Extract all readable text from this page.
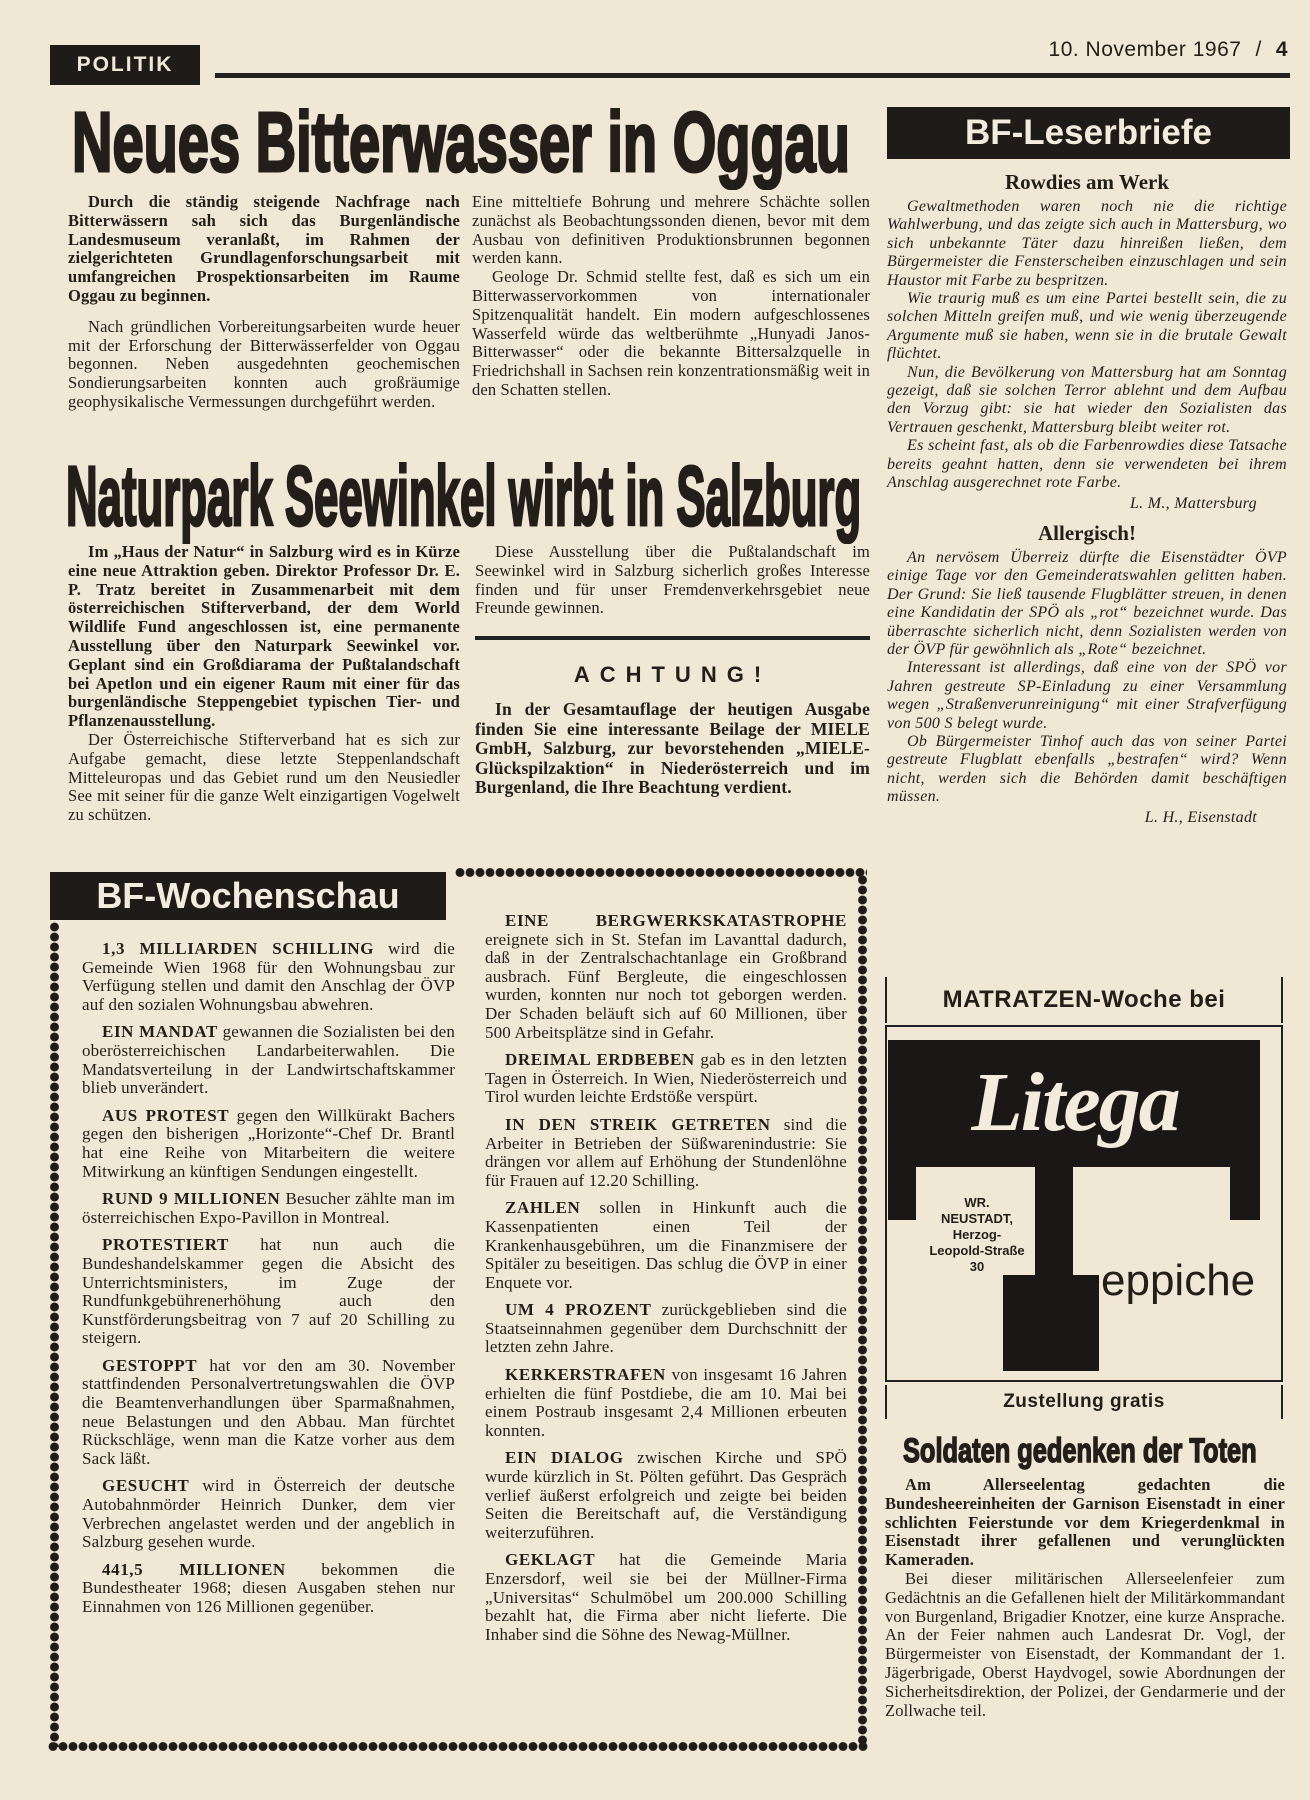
POLITIK
10. November 1967 / 4
Neues Bitterwasser in Oggau

Durch die ständig steigende Nachfrage nach Bitterwässern sah sich das Burgenländische Landesmuseum veranlaßt, im Rahmen der zielgerichteten Grundlagenforschungsarbeit mit umfangreichen Prospektionsarbeiten im Raume Oggau zu beginnen.

Nach gründlichen Vorbereitungsarbeiten wurde heuer mit der Erforschung der Bitterwässerfelder von Oggau begonnen. Neben ausgedehnten geochemischen Sondierungsarbeiten konnten auch großräumige geophysikalische Vermessungen durchgeführt werden.

Eine mitteltiefe Bohrung und mehrere Schächte sollen zunächst als Beobachtungssonden dienen, bevor mit dem Ausbau von definitiven Produktionsbrunnen begonnen werden kann.

Geologe Dr. Schmid stellte fest, daß es sich um ein Bitterwasservorkommen von internationaler Spitzenqualität handelt. Ein modern aufgeschlossenes Wasserfeld würde das weltberühmte „Hunyadi Janos-Bitterwasser“ oder die bekannte Bittersalzquelle in Friedrichshall in Sachsen rein konzentrationsmäßig weit in den Schatten stellen.

Naturpark Seewinkel wirbt in Salzburg

Im „Haus der Natur“ in Salzburg wird es in Kürze eine neue Attraktion geben. Direktor Professor Dr. E. P. Tratz bereitet in Zusammenarbeit mit dem österreichischen Stifterverband, der dem World Wildlife Fund angeschlossen ist, eine permanente Ausstellung über den Naturpark Seewinkel vor. Geplant sind ein Großdiarama der Pußtalandschaft bei Apetlon und ein eigener Raum mit einer für das burgenländische Steppengebiet typischen Tier- und Pflanzenausstellung.

Der Österreichische Stifterverband hat es sich zur Aufgabe gemacht, diese letzte Steppenlandschaft Mitteleuropas und das Gebiet rund um den Neusiedler See mit seiner für die ganze Welt einzigartigen Vogelwelt zu schützen.

Diese Ausstellung über die Pußtalandschaft im Seewinkel wird in Salzburg sicherlich großes Interesse finden und für unser Fremdenverkehrsgebiet neue Freunde gewinnen.

ACHTUNG!

In der Gesamtauflage der heutigen Ausgabe finden Sie eine interessante Beilage der MIELE GmbH, Salzburg, zur bevorstehenden „MIELE-Glückspilzaktion“ in Niederösterreich und im Burgenland, die Ihre Beachtung verdient.

BF-Wochenschau

1,3 MILLIARDEN SCHILLING wird die Gemeinde Wien 1968 für den Wohnungsbau zur Verfügung stellen und damit den Anschlag der ÖVP auf den sozialen Wohnungsbau abwehren.

EIN MANDAT gewannen die Sozialisten bei den oberösterreichischen Landarbeiterwahlen. Die Mandatsverteilung in der Landwirtschaftskammer blieb unverändert.

AUS PROTEST gegen den Willkürakt Bachers gegen den bisherigen „Horizonte“-Chef Dr. Brantl hat eine Reihe von Mitarbeitern die weitere Mitwirkung an künftigen Sendungen eingestellt.

RUND 9 MILLIONEN Besucher zählte man im österreichischen Expo-Pavillon in Montreal.

PROTESTIERT hat nun auch die Bundeshandelskammer gegen die Absicht des Unterrichtsministers, im Zuge der Rundfunkgebührenerhöhung auch den Kunstförderungsbeitrag von 7 auf 20 Schilling zu steigern.

GESTOPPT hat vor den am 30. November stattfindenden Personalvertretungswahlen die ÖVP die Beamtenverhandlungen über Sparmaßnahmen, neue Belastungen und den Abbau. Man fürchtet Rückschläge, wenn man die Katze vorher aus dem Sack läßt.

GESUCHT wird in Österreich der deutsche Autobahnmörder Heinrich Dunker, dem vier Verbrechen angelastet werden und der angeblich in Salzburg gesehen wurde.

441,5 MILLIONEN bekommen die Bundestheater 1968; diesen Ausgaben stehen nur Einnahmen von 126 Millionen gegenüber.

EINE BERGWERKSKATASTROPHE ereignete sich in St. Stefan im Lavanttal dadurch, daß in der Zentralschachtanlage ein Großbrand ausbrach. Fünf Bergleute, die eingeschlossen wurden, konnten nur noch tot geborgen werden. Der Schaden beläuft sich auf 60 Millionen, über 500 Arbeitsplätze sind in Gefahr.

DREIMAL ERDBEBEN gab es in den letzten Tagen in Österreich. In Wien, Niederösterreich und Tirol wurden leichte Erdstöße verspürt.

IN DEN STREIK GETRETEN sind die Arbeiter in Betrieben der Süßwarenindustrie: Sie drängen vor allem auf Erhöhung der Stundenlöhne für Frauen auf 12.20 Schilling.

ZAHLEN sollen in Hinkunft auch die Kassenpatienten einen Teil der Krankenhausgebühren, um die Finanzmisere der Spitäler zu beseitigen. Das schlug die ÖVP in einer Enquete vor.

UM 4 PROZENT zurückgeblieben sind die Staatseinnahmen gegenüber dem Durchschnitt der letzten zehn Jahre.

KERKERSTRAFEN von insgesamt 16 Jahren erhielten die fünf Postdiebe, die am 10. Mai bei einem Postraub insgesamt 2,4 Millionen erbeuten konnten.

EIN DIALOG zwischen Kirche und SPÖ wurde kürzlich in St. Pölten geführt. Das Gespräch verlief äußerst erfolgreich und zeigte bei beiden Seiten die Bereitschaft auf, die Verständigung weiterzuführen.

GEKLAGT hat die Gemeinde Maria Enzersdorf, weil sie bei der Müllner-Firma „Universitas“ Schulmöbel um 200.000 Schilling bezahlt hat, die Firma aber nicht lieferte. Die Inhaber sind die Söhne des Newag-Müllner.

BF-Leserbriefe
Rowdies am Werk

Gewaltmethoden waren noch nie die richtige Wahlwerbung, und das zeigte sich auch in Mattersburg, wo sich unbekannte Täter dazu hinreißen ließen, dem Bürgermeister die Fensterscheiben einzuschlagen und sein Haustor mit Farbe zu bespritzen.

Wie traurig muß es um eine Partei bestellt sein, die zu solchen Mitteln greifen muß, und wie wenig überzeugende Argumente muß sie haben, wenn sie in die brutale Gewalt flüchtet.

Nun, die Bevölkerung von Mattersburg hat am Sonntag gezeigt, daß sie solchen Terror ablehnt und dem Aufbau den Vorzug gibt: sie hat wieder den Sozialisten das Vertrauen geschenkt, Mattersburg bleibt weiter rot.

Es scheint fast, als ob die Farbenrowdies diese Tatsache bereits geahnt hatten, denn sie verwendeten bei ihrem Anschlag ausgerechnet rote Farbe.

L. M., Mattersburg
Allergisch!

An nervösem Überreiz dürfte die Eisenstädter ÖVP einige Tage vor den Gemeinderatswahlen gelitten haben. Der Grund: Sie ließ tausende Flugblätter streuen, in denen eine Kandidatin der SPÖ als „rot“ bezeichnet wurde. Das überraschte sicherlich nicht, denn Sozialisten werden von der ÖVP für gewöhnlich als „Rote“ bezeichnet.

Interessant ist allerdings, daß eine von der SPÖ vor Jahren gestreute SP-Einladung zu einer Versammlung wegen „Straßenverunreinigung“ mit einer Strafverfügung von 500 S belegt wurde.

Ob Bürgermeister Tinhof auch das von seiner Partei gestreute Flugblatt ebenfalls „bestrafen“ wird? Wenn nicht, werden sich die Behörden damit beschäftigen müssen.

L. H., Eisenstadt
MATRATZEN-Woche bei
Litega
WR.
NEUSTADT,
Herzog-
Leopold-Straße
30	eppiche
Zustellung gratis
Soldaten gedenken der Toten

Am Allerseelentag gedachten die Bundesheereinheiten der Garnison Eisenstadt in einer schlichten Feierstunde vor dem Kriegerdenkmal in Eisenstadt ihrer gefallenen und verunglückten Kameraden.

Bei dieser militärischen Allerseelenfeier zum Gedächtnis an die Gefallenen hielt der Militärkommandant von Burgenland, Brigadier Knotzer, eine kurze Ansprache. An der Feier nahmen auch Landesrat Dr. Vogl, der Bürgermeister von Eisenstadt, der Kommandant der 1. Jägerbrigade, Oberst Haydvogel, sowie Abordnungen der Sicherheitsdirektion, der Polizei, der Gendarmerie und der Zollwache teil.
